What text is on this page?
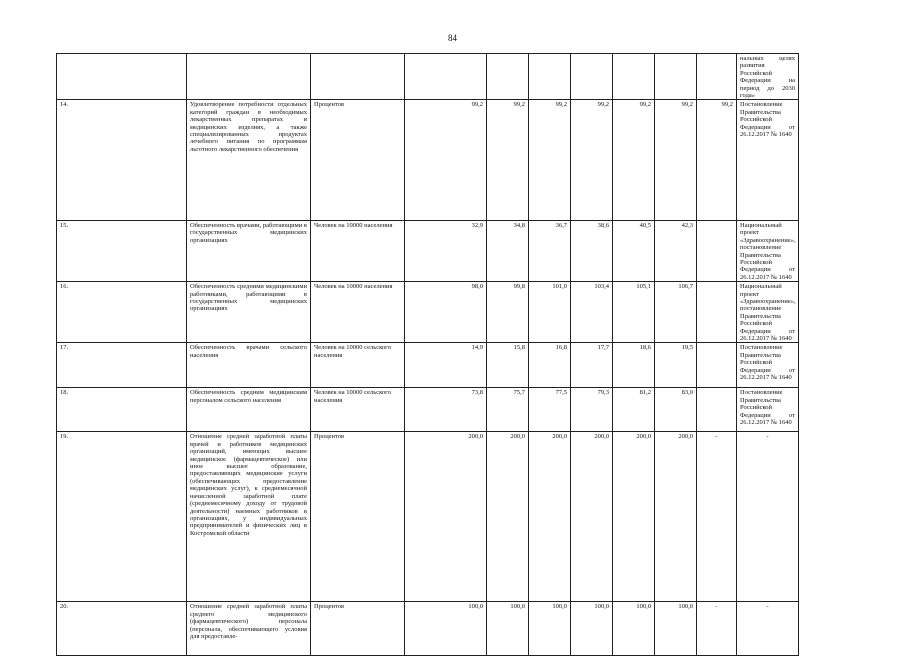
84
											нальных целях развития Российской Федерации на период до 2030 года»
14.		Удовлетворение потребности отдельных категорий граждан в необходимых лекарственных препаратах и медицинских изделиях, а также специализированных продуктах лечебного питания по программам льготного лекарственного обеспечения	Процентов	99,2	99,2	99,2	99,2	99,2	99,2	99,2	Постановление Правительства Российской Федерации от 26.12.2017 № 1640
15.		Обеспеченность врачами, работающими в государственных медицинских организациях	Человек на 10000 населения	32,9	34,8	36,7	38,6	40,5	42,3		Национальный проект «Здравоохранение», постановление Правительства Российской Федерации от 26.12.2017 № 1640
16.	Обеспеченность средними медицинскими работниками, работающими в государственных медицинских организациях	Человек на 10000 населения	98,0	99,8	101,0	103,4	105,1	106,7		Национальный проект «Здравоохранение», постановление Правительства Российской Федерации от 26.12.2017 № 1640
17.	Обеспеченность врачами сельского населения	Человек на 10000 сельского населения	14,9	15,8	16,8	17,7	18,6	19,5		Постановление Правительства Российской Федерации от 26.12.2017 № 1640
18.	Обеспеченность средним медицинским персоналом сельского населения	Человек на 10000 сельского населения	73,8	75,7	77,5	79,3	81,2	83,0		Постановление Правительства Российской Федерации от 26.12.2017 № 1640
19.	Отношение средней заработной платы врачей и работников медицинских организаций, имеющих высшее медицинское (фармацевтическое) или иное высшее образование, предоставляющих медицинские услуги (обеспечивающих предоставление медицинских услуг), к среднемесячной начисленной заработной плате (среднемесячному доходу от трудовой деятельности) наемных работников в организациях, у индивидуальных предпринимателей и физических лиц в Костромской области	Процентов	200,0	200,0	200,0	200,0	200,0	200,0	-	-
20.	Отношение средней заработной платы среднего медицинского (фармацевтического) персонала (персонала, обеспечивающего условия для предоставле-	Процентов	100,0	100,0	100,0	100,0	100,0	100,0	-	-
